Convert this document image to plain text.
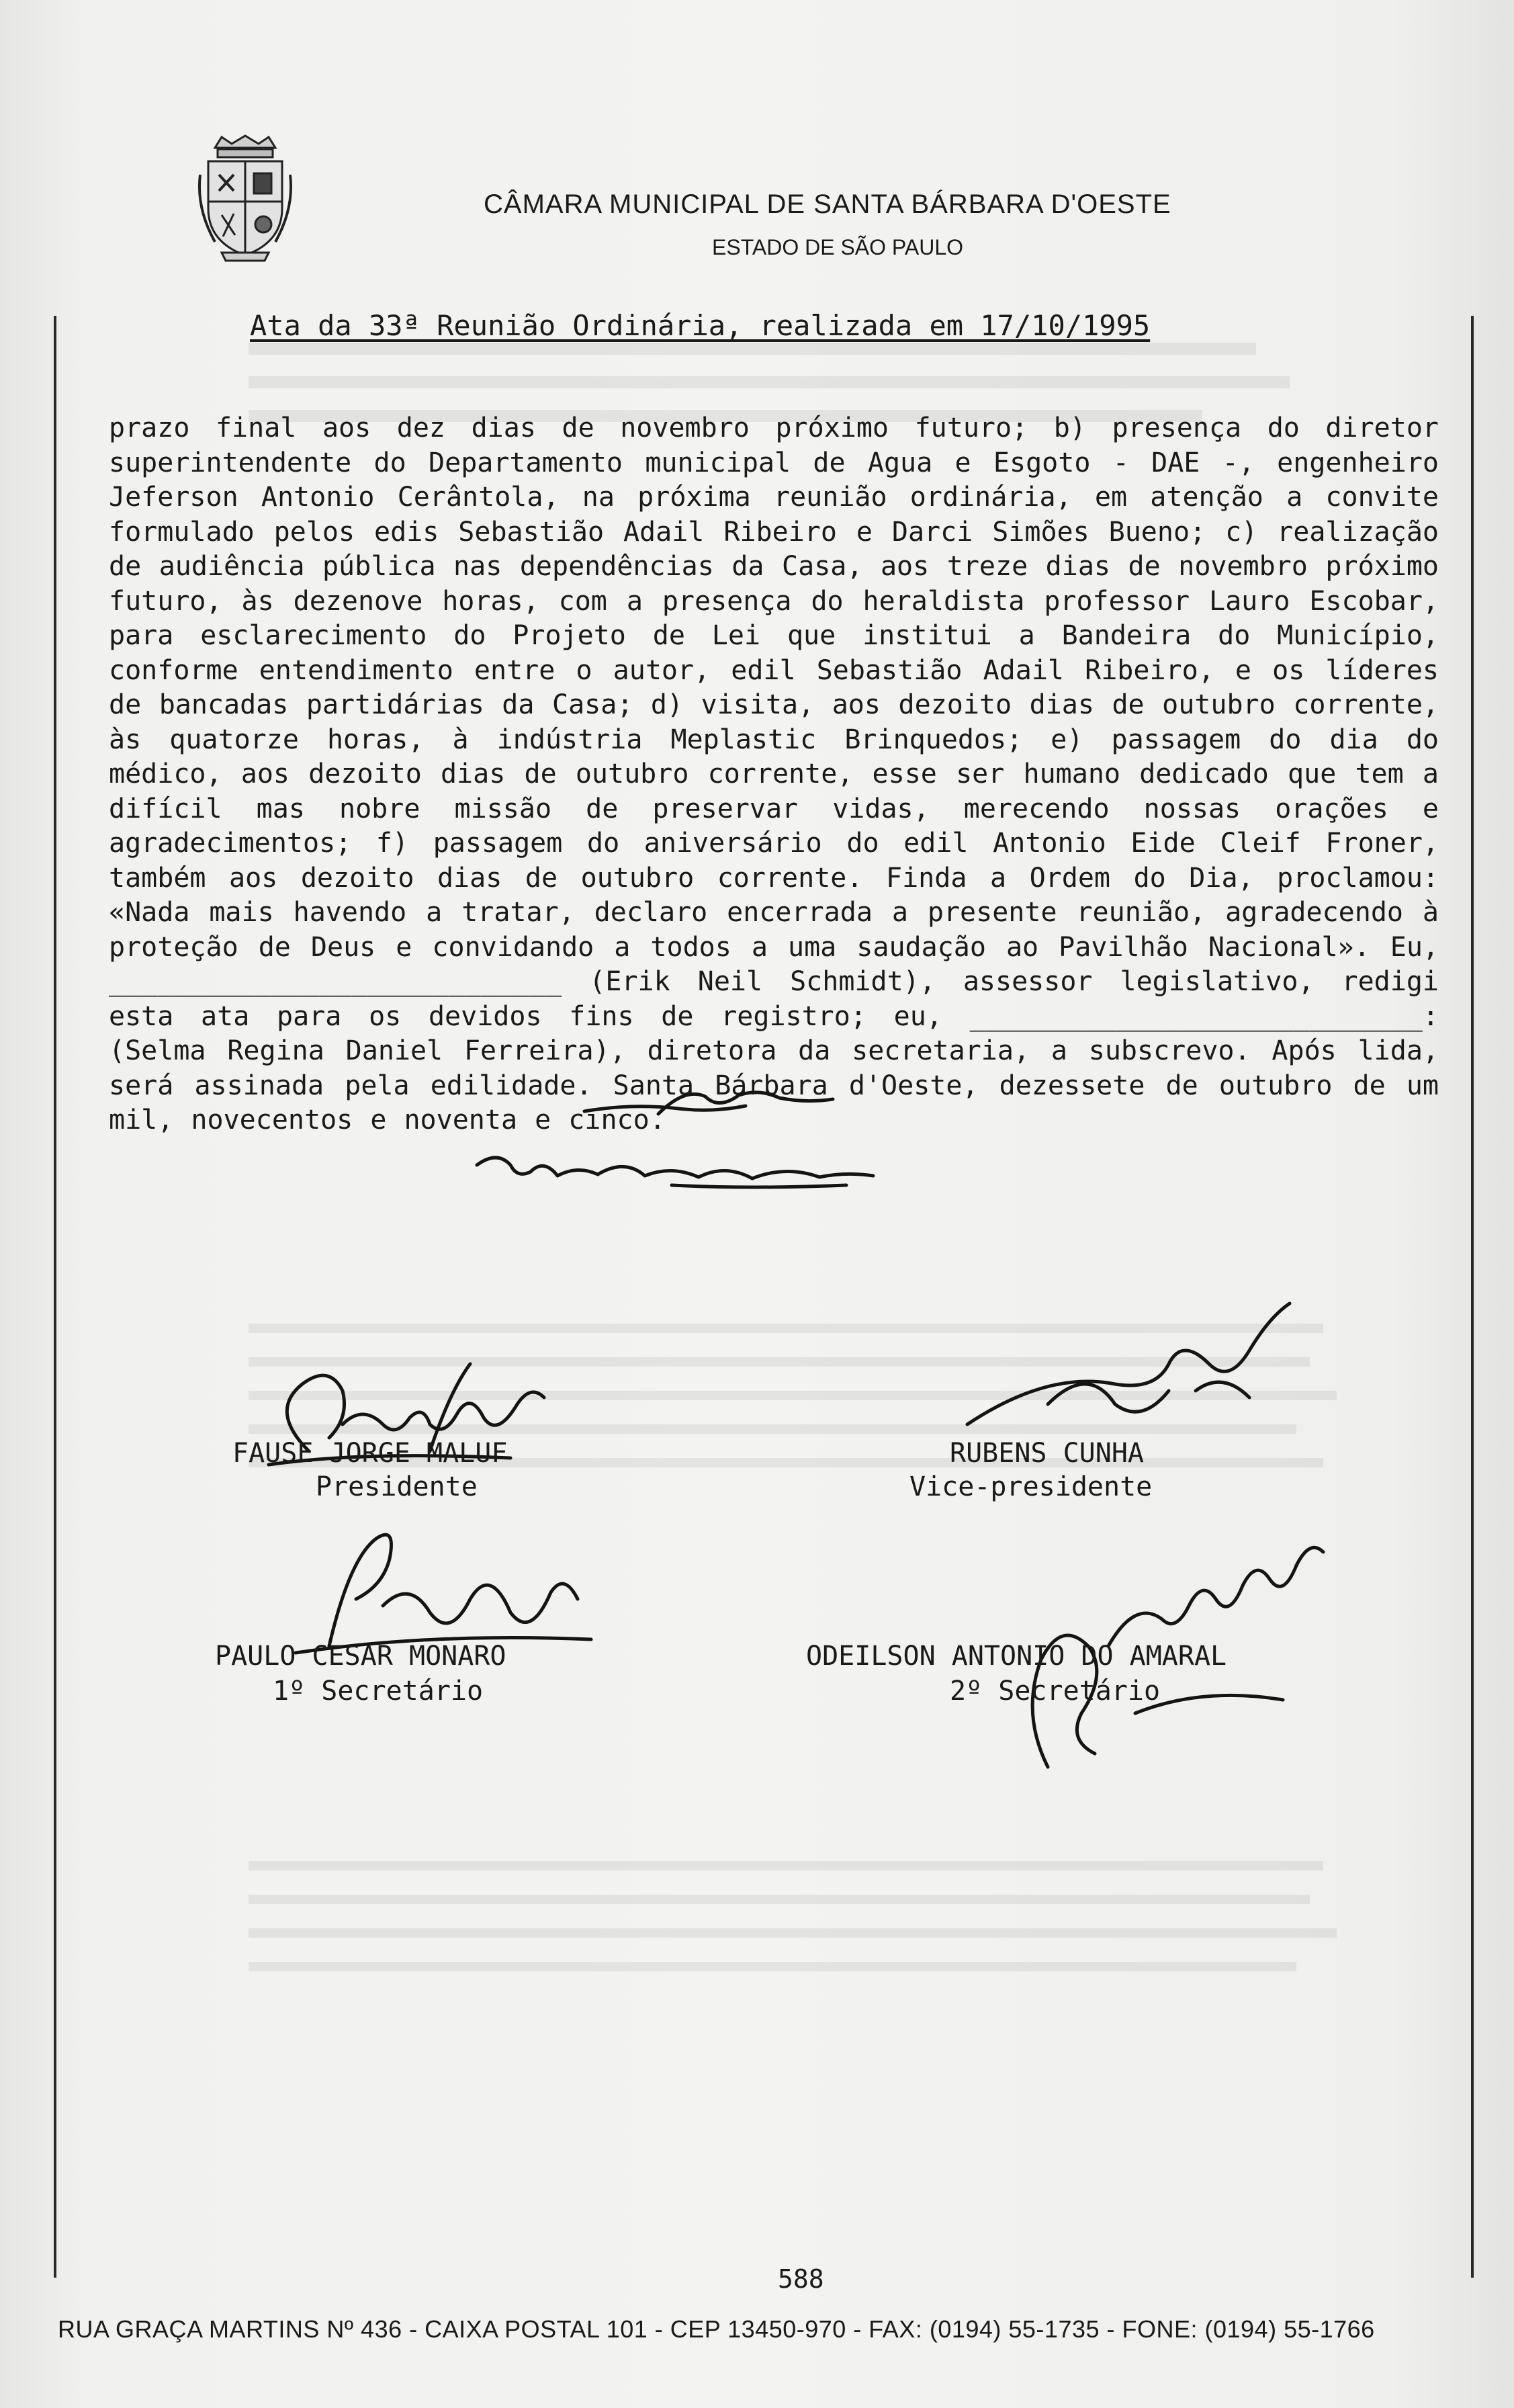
CÂMARA MUNICIPAL DE SANTA BÁRBARA D'OESTE
ESTADO DE SÃO PAULO
Ata da 33ª Reunião Ordinária, realizada em 17/10/1995

prazo final aos dez dias de novembro próximo futuro; b) presença do diretor superintendente do Departamento municipal de Agua e Esgoto - DAE -, engenheiro Jeferson Antonio Cerântola, na próxima reunião ordinária, em atenção a convite formulado pelos edis Sebastião Adail Ribeiro e Darci Simões Bueno; c) realização de audiência pública nas dependências da Casa, aos treze dias de novembro próximo futuro, às dezenove horas, com a presença do heraldista professor Lauro Escobar, para esclarecimento do Projeto de Lei que institui a Bandeira do Município, conforme entendimento entre o autor, edil Sebastião Adail Ribeiro, e os líderes de bancadas partidárias da Casa; d) visita, aos dezoito dias de outubro corrente, às quatorze horas, à indústria Meplastic Brinquedos; e) passagem do dia do médico, aos dezoito dias de outubro corrente, esse ser humano dedicado que tem a difícil mas nobre missão de preservar vidas, merecendo nossas orações e agradecimentos; f) passagem do aniversário do edil Antonio Eide Cleif Froner, também aos dezoito dias de outubro corrente. Finda a Ordem do Dia, proclamou: «Nada mais havendo a tratar, declaro encerrada a presente reunião, agradecendo à proteção de Deus e convidando a todos a uma saudação ao Pavilhão Nacional». Eu, ____________________________ (Erik Neil Schmidt), assessor legislativo, redigi esta ata para os devidos fins de registro; eu, ____________________________: (Selma Regina Daniel Ferreira), diretora da secretaria, a subscrevo. Após lida, será assinada pela edilidade. Santa Bárbara d'Oeste, dezessete de outubro de um mil, novecentos e noventa e cinco.

FAUSE JORGE MALUF
Presidente
RUBENS CUNHA
Vice-presidente
PAULO CESAR MONARO
1º Secretário
ODEILSON ANTONIO DO AMARAL
2º Secretário
588
RUA GRAÇA MARTINS Nº 436 - CAIXA POSTAL 101 - CEP 13450-970 - FAX: (0194) 55-1735 - FONE: (0194) 55-1766
